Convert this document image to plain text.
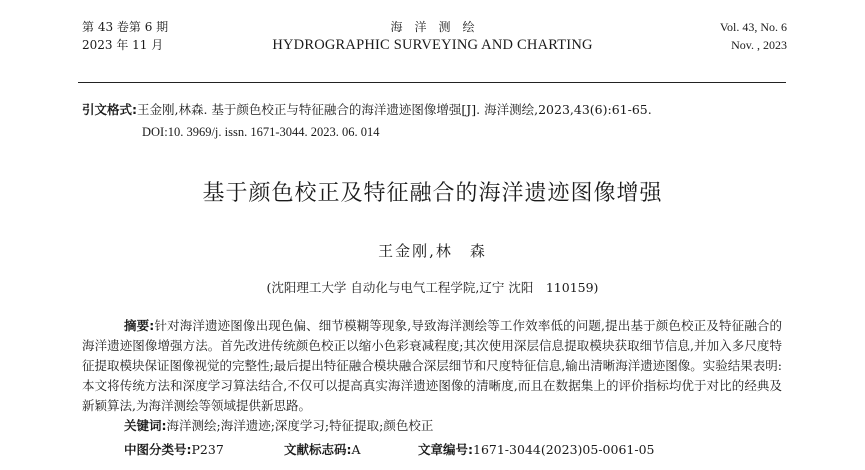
第 43 卷第 6 期
2023 年 11 月
海洋测绘
HYDROGRAPHIC SURVEYING AND CHARTING
Vol. 43, No. 6
Nov. , 2023
引文格式:王金刚,林森. 基于颜色校正与特征融合的海洋遗迹图像增强[J]. 海洋测绘,2023,43(6):61-65.
DOI:10. 3969/j. issn. 1671-3044. 2023. 06. 014
基于颜色校正及特征融合的海洋遗迹图像增强
王金刚,林　森
(沈阳理工大学 自动化与电气工程学院,辽宁 沈阳　110159)
摘要:针对海洋遗迹图像出现色偏、细节模糊等现象,导致海洋测绘等工作效率低的问题,提出基于颜色校正及特征融合的海洋遗迹图像增强方法。首先改进传统颜色校正以缩小色彩衰减程度;其次使用深层信息提取模块获取细节信息,并加入多尺度特征提取模块保证图像视觉的完整性;最后提出特征融合模块融合深层细节和尺度特征信息,输出清晰海洋遗迹图像。实验结果表明:本文将传统方法和深度学习算法结合,不仅可以提高真实海洋遗迹图像的清晰度,而且在数据集上的评价指标均优于对比的经典及新颖算法,为海洋测绘等领域提供新思路。
关键词:海洋测绘;海洋遗迹;深度学习;特征提取;颜色校正
中图分类号:P237	文献标志码:A	文章编号:1671-3044(2023)05-0061-05
